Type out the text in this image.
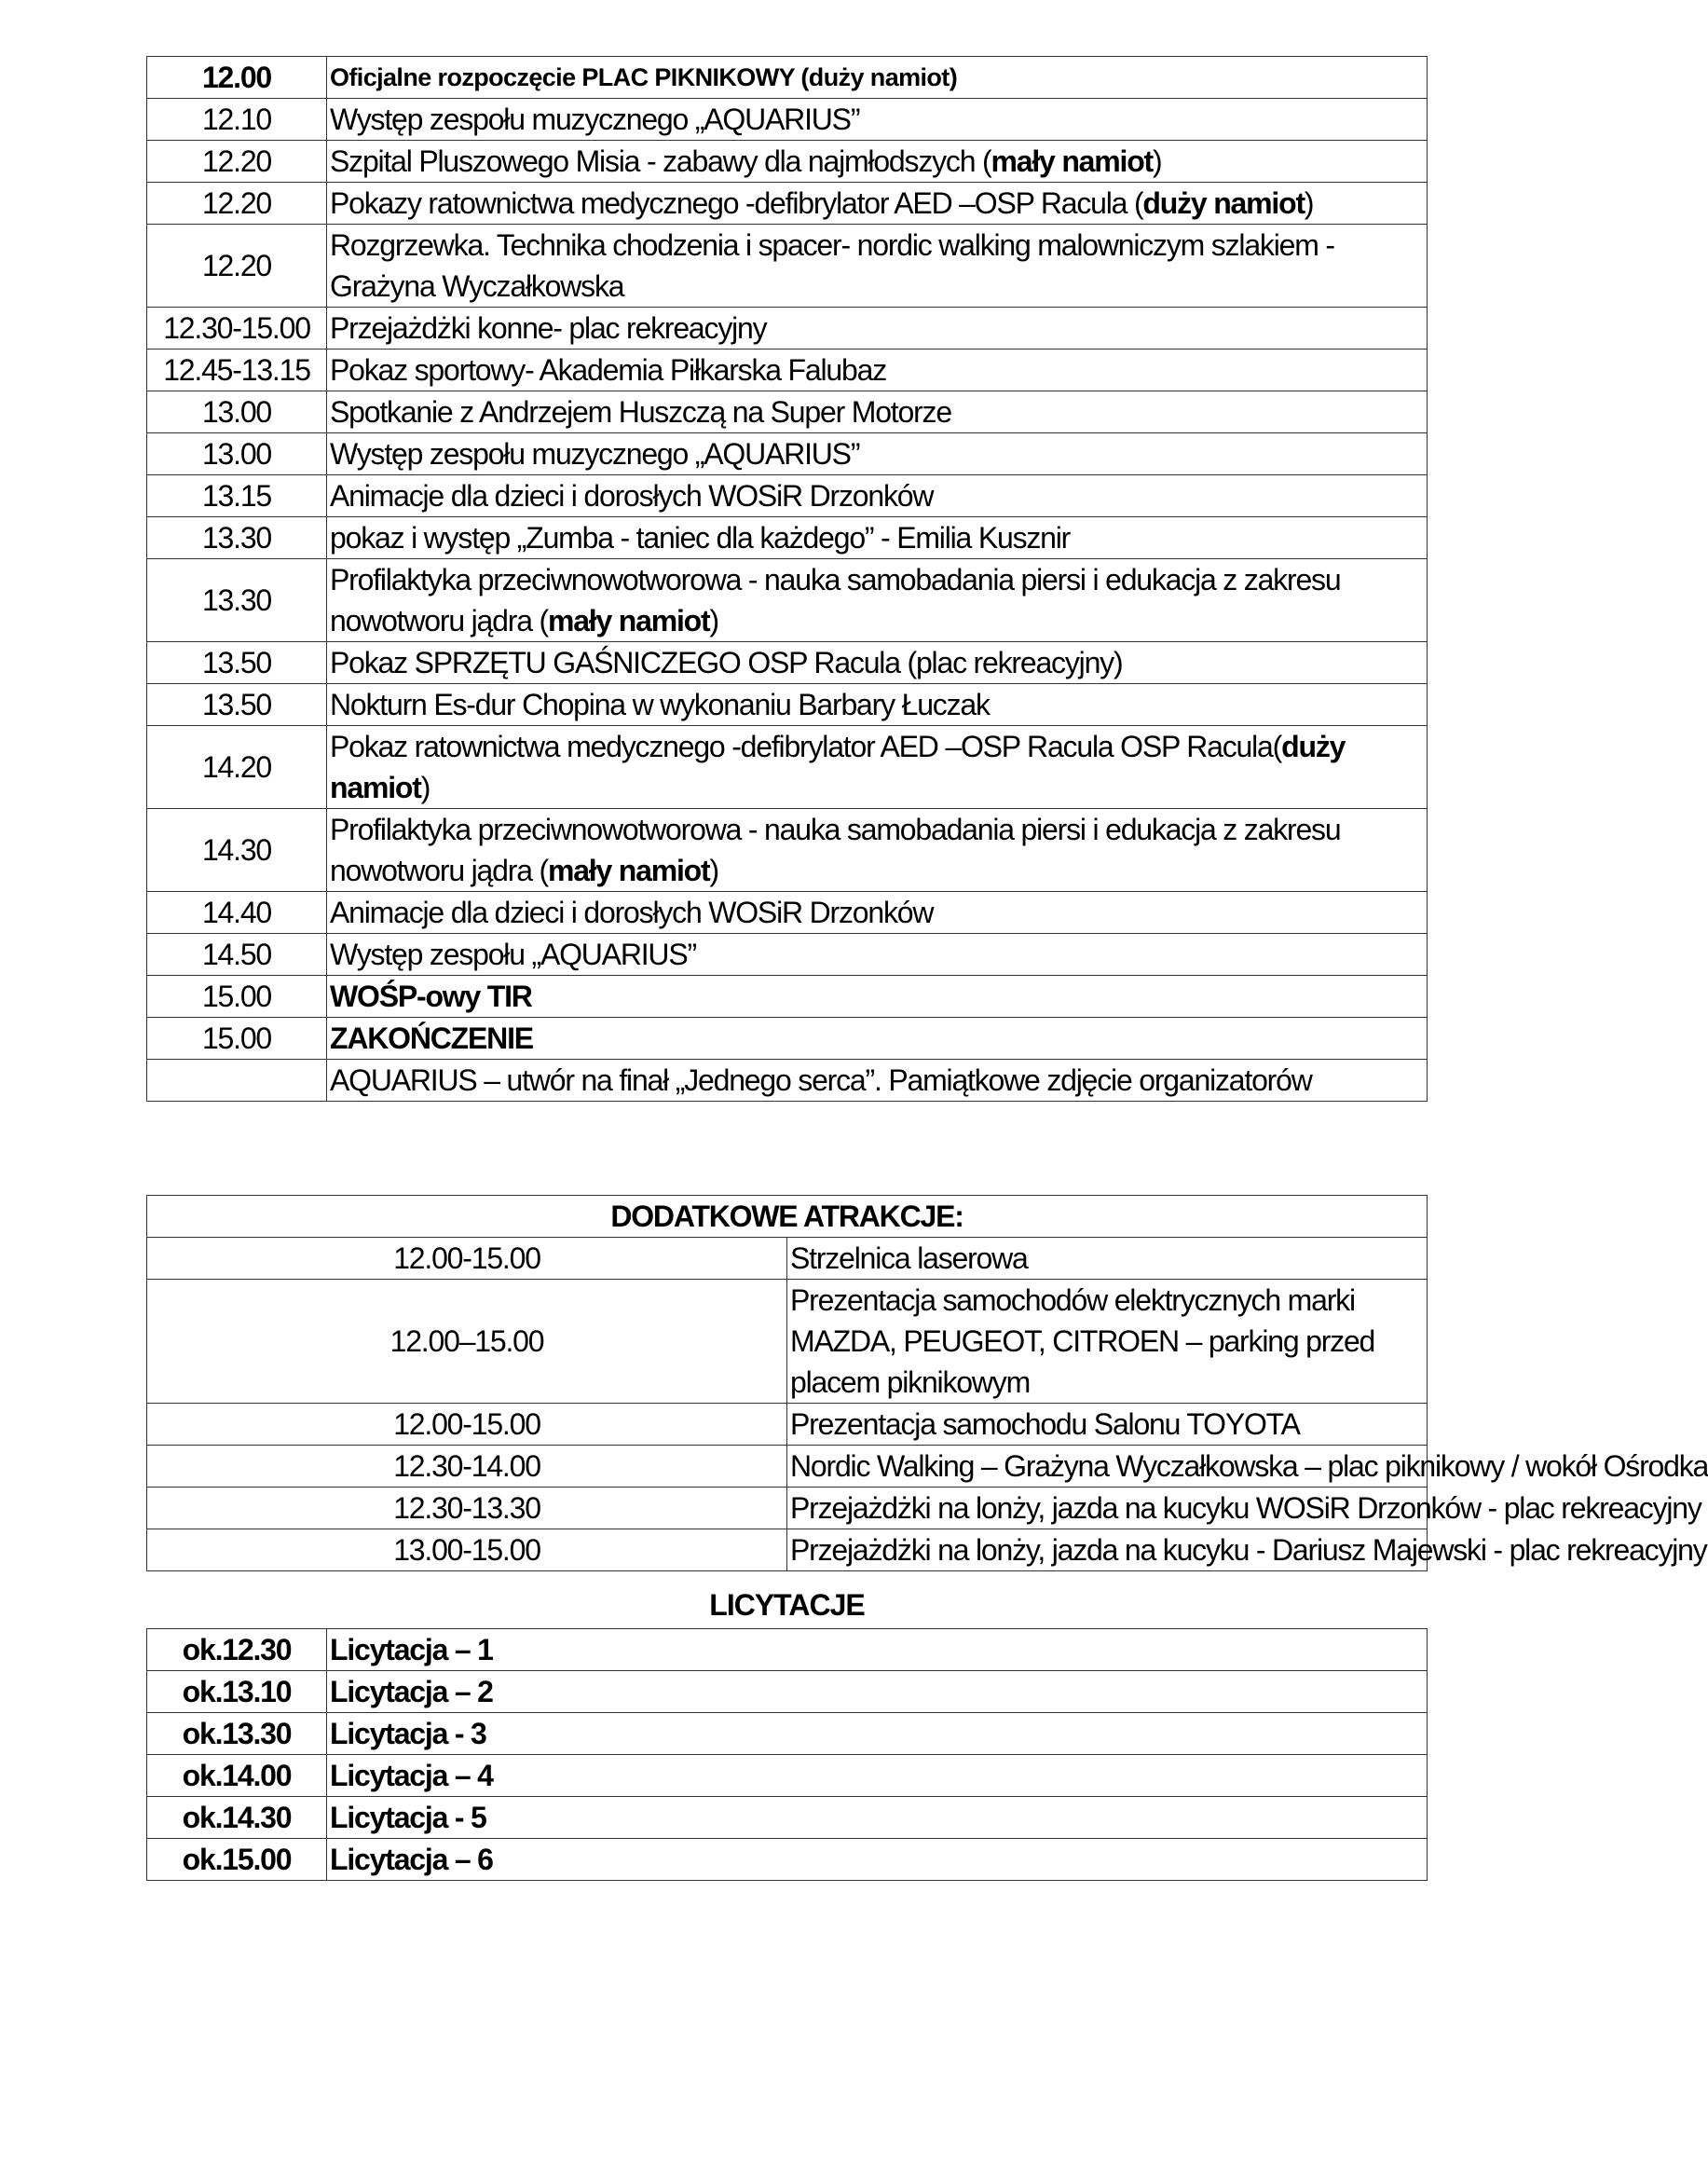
12.00	Oficjalne rozpoczęcie PLAC PIKNIKOWY (duży namiot)
12.10	Występ zespołu muzycznego „AQUARIUS”
12.20	Szpital Pluszowego Misia - zabawy dla najmłodszych (mały namiot)
12.20	Pokazy ratownictwa medycznego -defibrylator AED –OSP Racula (duży namiot)
12.20	Rozgrzewka. Technika chodzenia i spacer- nordic walking malowniczym szlakiem -Grażyna Wyczałkowska
12.30-15.00	Przejażdżki konne- plac rekreacyjny
12.45-13.15	Pokaz sportowy- Akademia Piłkarska Falubaz
13.00	Spotkanie z Andrzejem Huszczą na Super Motorze
13.00	Występ zespołu muzycznego „AQUARIUS”
13.15	Animacje dla dzieci i dorosłych WOSiR Drzonków
13.30	pokaz i występ „Zumba - taniec dla każdego” - Emilia Kusznir
13.30	Profilaktyka przeciwnowotworowa - nauka samobadania piersi i edukacja z zakresu nowotworu jądra (mały namiot)
13.50	Pokaz SPRZĘTU GAŚNICZEGO OSP Racula (plac rekreacyjny)
13.50	Nokturn Es-dur Chopina w wykonaniu Barbary Łuczak
14.20	Pokaz ratownictwa medycznego -defibrylator AED –OSP Racula OSP Racula(duży namiot)
14.30	Profilaktyka przeciwnowotworowa - nauka samobadania piersi i edukacja z zakresu nowotworu jądra (mały namiot)
14.40	Animacje dla dzieci i dorosłych WOSiR Drzonków
14.50	Występ zespołu „AQUARIUS”
15.00	WOŚP-owy TIR
15.00	ZAKOŃCZENIE
	AQUARIUS – utwór na finał „Jednego serca”. Pamiątkowe zdjęcie organizatorów
DODATKOWE ATRAKCJE:	
12.00-15.00	Strzelnica laserowa
12.00–15.00	Prezentacja samochodów elektrycznych marki MAZDA, PEUGEOT, CITROEN – parking przed placem piknikowym
12.00-15.00	Prezentacja samochodu Salonu TOYOTA
12.30-14.00	Nordic Walking – Grażyna Wyczałkowska – plac piknikowy / wokół Ośrodka
12.30-13.30	Przejażdżki na lonży, jazda na kucyku WOSiR Drzonków - plac rekreacyjny
13.00-15.00	Przejażdżki na lonży, jazda na kucyku - Dariusz Majewski - plac rekreacyjny
LICYTACJE
ok.12.30	Licytacja – 1
ok.13.10	Licytacja – 2
ok.13.30	Licytacja - 3
ok.14.00	Licytacja – 4
ok.14.30	Licytacja - 5
ok.15.00	Licytacja – 6
